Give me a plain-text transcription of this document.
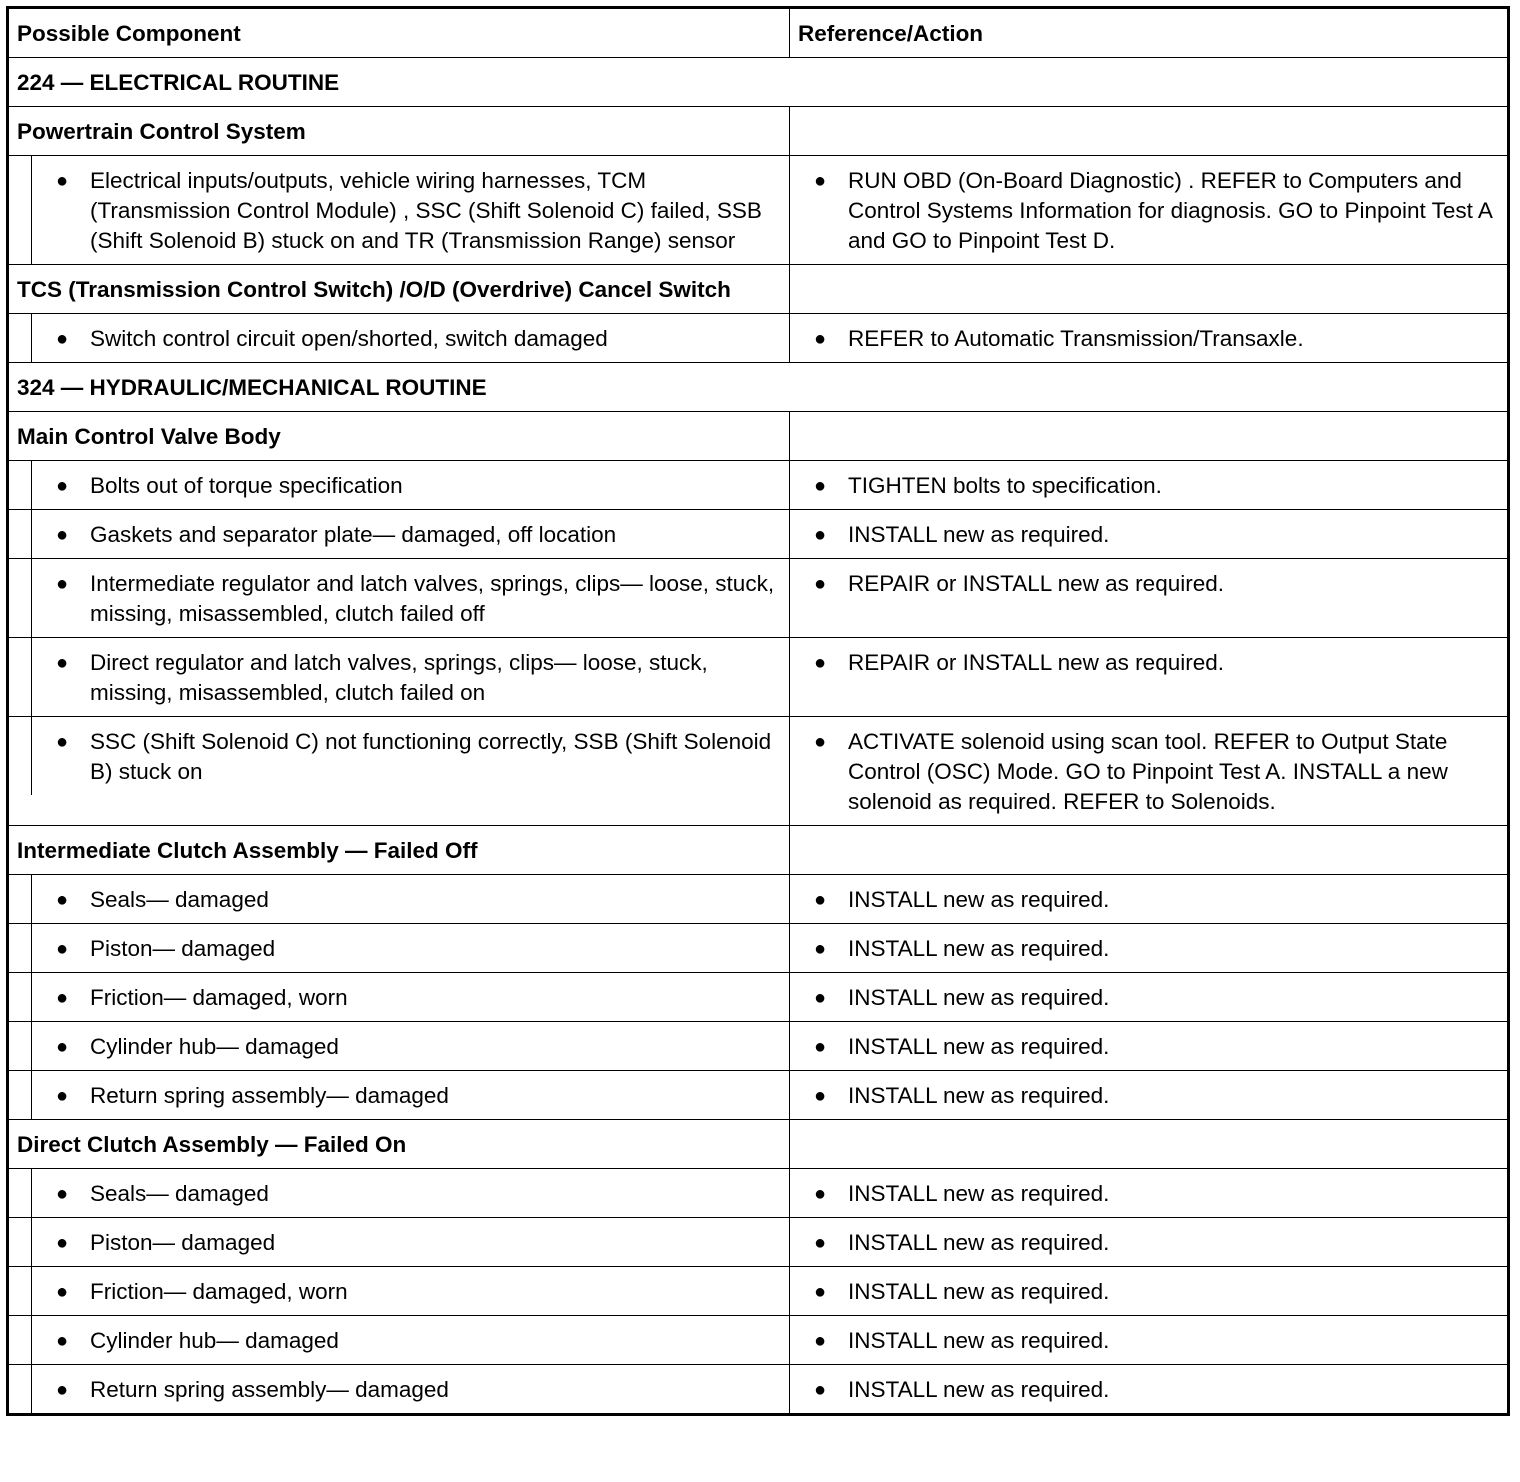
Possible Component	Reference/Action
224 — ELECTRICAL ROUTINE	
Powertrain Control System	

● Electrical inputs/outputs, vehicle wiring harnesses, TCM (Transmission Control Module) , SSC (Shift Solenoid C) failed, SSB (Shift Solenoid B) stuck on and TR (Transmission Range) sensor	● RUN OBD (On-Board Diagnostic) . REFER to Computers and Control Systems Information for diagnosis. GO to Pinpoint Test A and GO to Pinpoint Test D.

TCS (Transmission Control Switch) /O/D (Overdrive) Cancel Switch	

● Switch control circuit open/shorted, switch damaged	● REFER to Automatic Transmission/Transaxle.

324 — HYDRAULIC/MECHANICAL ROUTINE	
Main Control Valve Body	

● Bolts out of torque specification	● TIGHTEN bolts to specification.

● Gaskets and separator plate— damaged, off location	● INSTALL new as required.

● Intermediate regulator and latch valves, springs, clips— loose, stuck, missing, misassembled, clutch failed off	● REPAIR or INSTALL new as required.

● Direct regulator and latch valves, springs, clips— loose, stuck, missing, misassembled, clutch failed on	● REPAIR or INSTALL new as required.

● SSC (Shift Solenoid C) not functioning correctly, SSB (Shift Solenoid B) stuck on	● ACTIVATE solenoid using scan tool. REFER to Output State Control (OSC) Mode. GO to Pinpoint Test A. INSTALL a new solenoid as required. REFER to Solenoids.

Intermediate Clutch Assembly — Failed Off	

● Seals— damaged	● INSTALL new as required.

● Piston— damaged	● INSTALL new as required.

● Friction— damaged, worn	● INSTALL new as required.

● Cylinder hub— damaged	● INSTALL new as required.

● Return spring assembly— damaged	● INSTALL new as required.

Direct Clutch Assembly — Failed On	

● Seals— damaged	● INSTALL new as required.

● Piston— damaged	● INSTALL new as required.

● Friction— damaged, worn	● INSTALL new as required.

● Cylinder hub— damaged	● INSTALL new as required.

● Return spring assembly— damaged	● INSTALL new as required.
